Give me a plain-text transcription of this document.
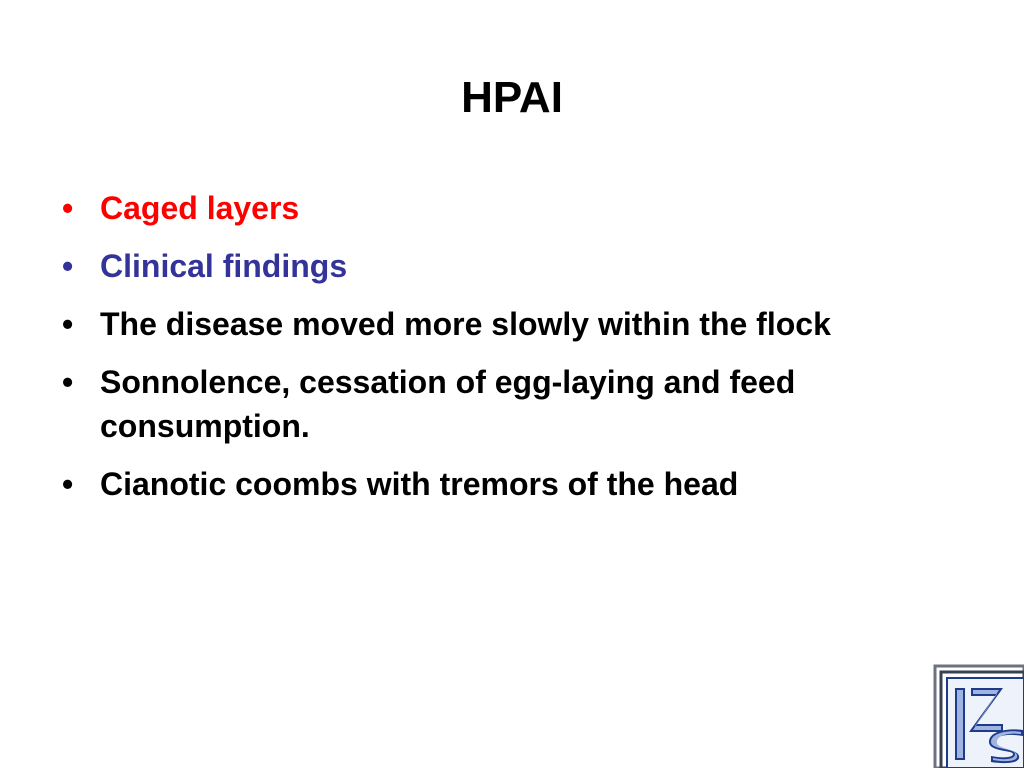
HPAI
• Caged layers
• Clinical findings
• The disease moved more slowly within the flock
• Sonnolence, cessation of egg-laying and feed consumption.
• Cianotic coombs with tremors of the head
